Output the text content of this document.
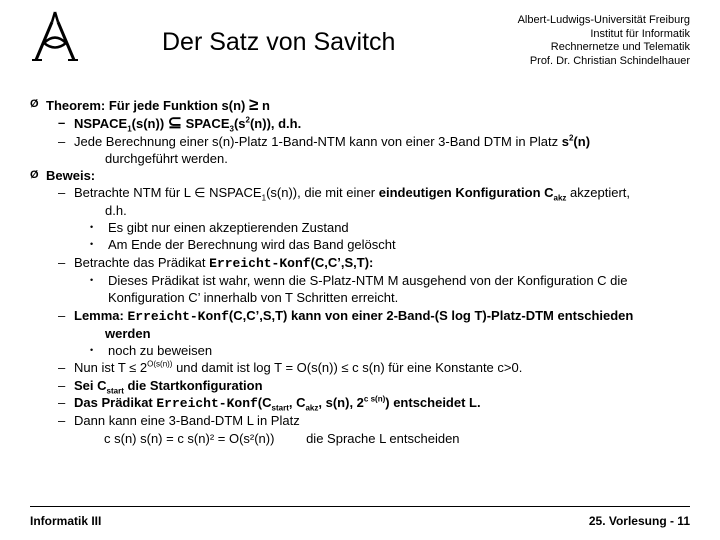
Der Satz von Savitch
Albert-Ludwigs-Universität Freiburg
Institut für Informatik
Rechnernetze und Telematik
Prof. Dr. Christian Schindelhauer
Ø Theorem: Für jede Funktion s(n) ≥ n
– $NSPACE_1(s(n))$ ⊆ $SPACE_3(s^2(n))$, d.h.
– Jede Berechnung einer s(n)-Platz 1-Band-NTM kann von einer 3-Band DTM in Platz $s^2(n)$
durchgeführt werden.
Ø Beweis:
– Betrachte NTM für L ∈ $NSPACE_1(s(n))$, die mit einer eindeutigen Konfiguration $C_{akz}$ akzeptiert,
d.h.
• Es gibt nur einen akzeptierenden Zustand
• Am Ende der Berechnung wird das Band gelöscht
– Betrachte das Prädikat Erreicht-Konf(C,C’,S,T):
• Dieses Prädikat ist wahr, wenn die S-Platz-NTM M ausgehend von der Konfiguration C die
Konfiguration C’ innerhalb von T Schritten erreicht.
– Lemma: Erreicht-Konf(C,C’,S,T) kann von einer 2-Band-(S log T)-Platz-DTM entschieden
werden
• noch zu beweisen
– Nun ist $T \le 2^{O(s(n))}$ und damit ist log T = O(s(n)) ≤ c s(n) für eine Konstante c>0.
– Sei $C_{start}$ die Startkonfiguration
– Das Prädikat Erreicht-$Konf(C_{start}$, $C_{akz}$, s(n), $2^{c s(n)}$) entscheidet L.
– Dann kann eine 3-Band-DTM L in Platz
c s(n) s(n) = c s(n)² = O(s²(n)) die Sprache L entscheiden
Informatik III	25. Vorlesung - 11
